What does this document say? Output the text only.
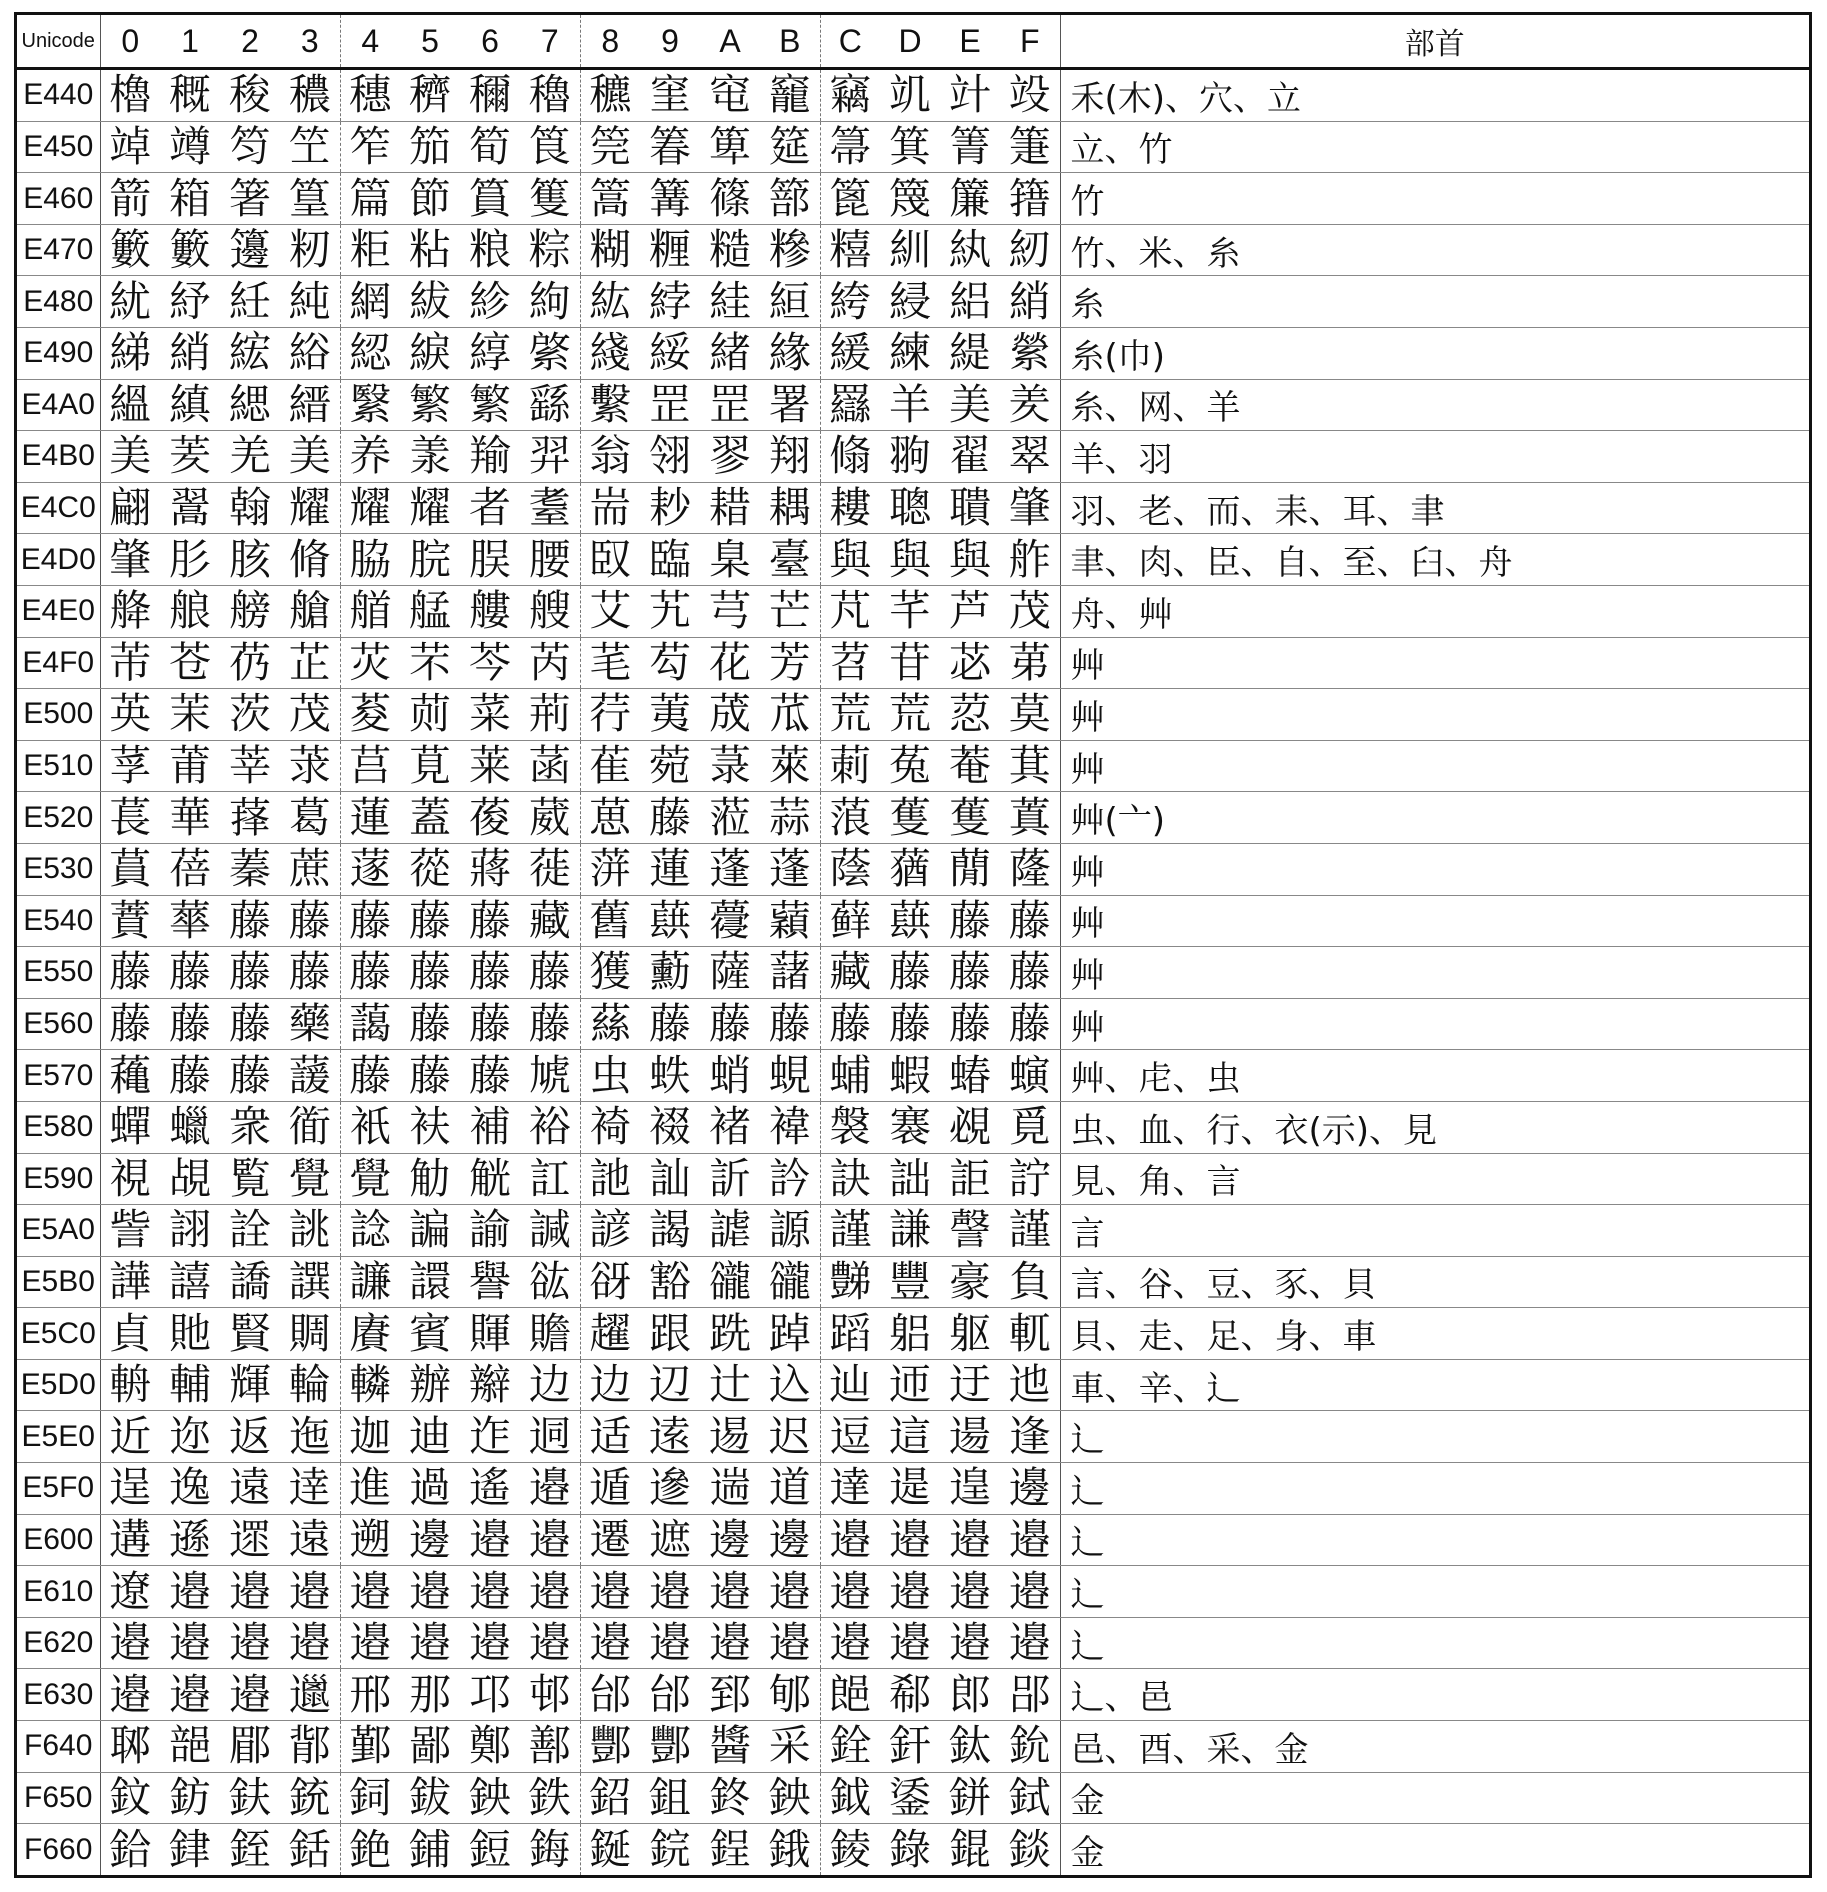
Unicode	0	1	2	3	4	5	6	7	8	9	A	B	C	D	E	F	部首
E440	櫓	穊	稄	穠	穗	穧	穪	穭	穮	窐	窀	竉	竊	竌	竍	竐	禾(木)、穴、立
E450	竨	竴	笉	笁	笮	笳	筍	筤	筦	箺	箄	筵	箒	箕	箐	箑	立、竹
E460	箭	箱	箸	篁	篇	節	篔	篗	篙	篝	篠	篰	篦	篾	簾	簎	竹
E470	籔	籔	籩	籾	粔	粘	粮	粽	糊	糎	糙	糝	糦	紃	紈	紉	竹、米、糸
E480	紌	紓	紝	純	網	紱	紾	絇	紘	綍	絓	絙	絝	綅	絽	綃	糸
E490	綈	綃	綋	綌	綛	綟	綧	綮	綫	綏	緒	緣	緩	練	緹	縈	糸(巾)
E4A0	縕	縝	緦	縉	繄	繁	繁	繇	繫	罡	罡	署	羉	羊	美	羑	糸、网、羊
E4B0	美	羐	羌	美	养	羕	羭	羿	翁	翎	翏	翔	翛	翑	翟	翠	羊、羽
E4C0	翩	翯	翰	耀	耀	耀	者	耋	耑	耖	耤	耦	耬	聰	聵	肇	羽、老、而、耒、耳、聿
E4D0	肇	肜	胲	脩	脇	脘	脵	腰	臤	臨	臬	臺	與	與	與	舴	聿、肉、臣、自、至、臼、舟
E4E0	舽	艆	艕	艙	艏	艋	艛	艘	艾	艽	芎	芒	芃	芊	芦	茂	舟、艸
E4F0	芾	苍	芿	芷	苂	芣	芩	芮	芼	芶	花	芳	苕	苷	苾	苐	艸
E500	英	茉	茨	茂	荾	荝	菜	荊	荇	荑	荿	苽	荒	荒	荵	莫	艸
E510	莩	莆	莘	莍	莒	莧	莱	菡	萑	菀	菉	萊	莿	菟	菴	萁	艸
E520	萇	華	萚	葛	蓮	蓋	葰	葳	葸	藤	蒞	蒜	蒗	蒦	蒦	蒖	艸(亠)
E530	蒷	蓓	蓁	蔗	蓫	蓯	蔣	蓰	蓱	蓮	蓬	蓬	蔭	蕕	蕑	蕯	艸
E540	蕡	蕐	藤	藤	藤	藤	藤	藏	舊	蕻	蘉	蘔	藓	蕻	藤	藤	艸
E550	藤	藤	藤	藤	藤	藤	藤	藤	獲	蘍	薩	藷	藏	藤	藤	藤	艸
E560	藤	藤	藤	藥	藹	藤	藤	藤	蕬	藤	藤	藤	藤	藤	藤	藤	艸
E570	蘒	藤	藤	蘐	藤	藤	藤	虓	虫	蛈	蛸	蜆	蜅	蝦	蝽	螾	艸、虍、虫
E580	蟬	蠟	衆	衜	衹	衭	補	裕	裿	裰	褚	褘	褩	褰	覕	覓	虫、血、行、衣(示)、見
E590	視	覘	覧	覺	覺	觔	觥	訌	訑	訕	訢	訡	訣	詘	詎	詝	見、角、言
E5A0	訾	詡	詮	誂	諗	諞	諭	諴	諺	謁	謔	謜	謹	謙	謦	謹	言
E5B0	譁	譆	譑	譔	譧	譞	譽	谹	谺	豁	豅	豅	豑	豐	豪	負	言、谷、豆、豕、貝
E5C0	貞	貤	賢	賙	賡	賓	賱	贍	趯	跟	跣	踔	蹈	躳	躯	軏	貝、走、足、身、車
E5D0	輈	輔	輝	輪	轔	辦	辮	边	边	辺	辻	込	辿	迊	迂	迆	車、辛、辶
E5E0	近	迩	返	迤	迦	迪	迮	迵	适	逺	逷	迟	逗	這	逿	逢	辶
E5F0	逞	逸	遠	逹	進	過	遙	邉	遁	遪	遄	道	達	遈	遑	邊	辶
E600	遘	遜	遝	遠	遡	邊	邉	邉	遷	遮	邊	邊	邉	邉	邉	邉	辶
E610	遼	邉	邉	邉	邉	邉	邉	邉	邉	邉	邉	邉	邉	邉	邉	邉	辶
E620	邉	邉	邉	邉	邉	邉	邉	邉	邉	邉	邉	邉	邉	邉	邉	邉	辶
E630	邉	邉	邉	邋	邢	那	邛	邨	邰	邰	郅	郇	郒	郗	郎	郘	辶、邑
F640	郰	郶	郿	鄁	鄞	鄙	鄭	鄯	酆	酆	醬	采	銓	釬	鈦	鈗	邑、酉、采、金
F650	鈫	鈁	鈇	銃	鉰	鈸	鉠	鉄	鉊	鉏	鉖	鉠	鉞	鋈	鉼	鉽	金
F660	鉿	銉	銍	銛	銫	鋪	鋀	鋂	鋋	鋎	鋥	鋨	錂	錄	錕	錟	金
